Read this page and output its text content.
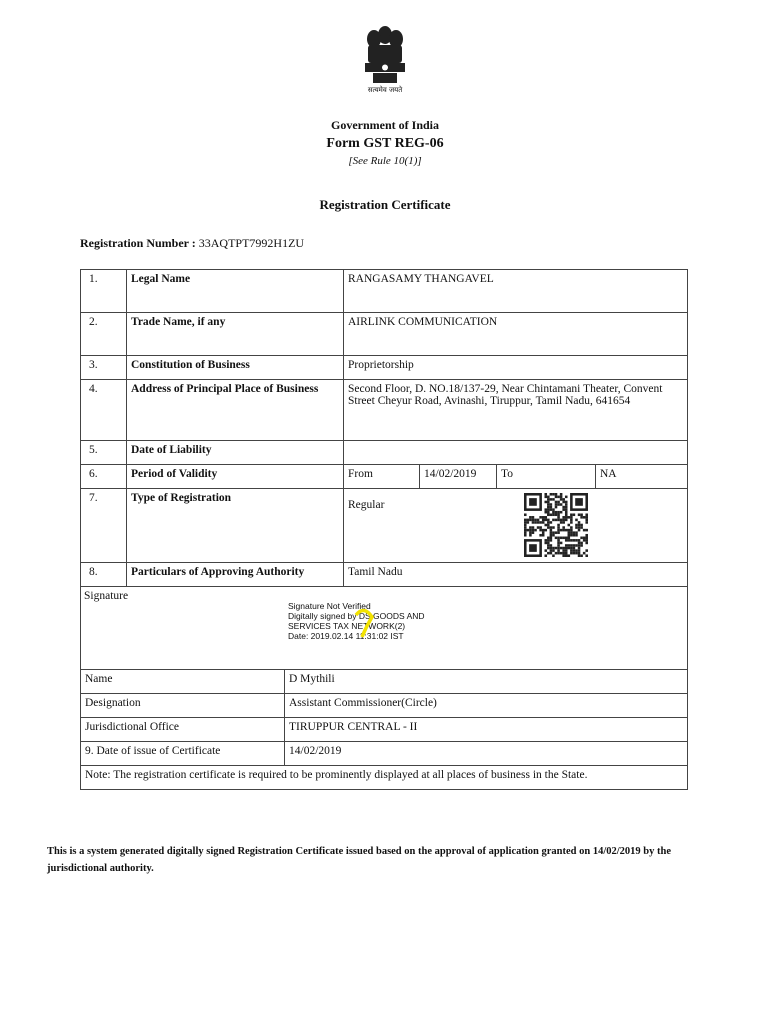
सत्यमेव जयते
Government of India
Form GST REG-06
[See Rule 10(1)]
Registration Certificate
Registration Number : 33AQTPT7992H1ZU
1.	Legal Name	RANGASAMY THANGAVEL			
2.	Trade Name, if any	AIRLINK COMMUNICATION			
3.	Constitution of Business	Proprietorship			
4.	Address of Principal Place of Business	Second Floor, D. NO.18/137-29, Near Chintamani Theater, Convent Street Cheyur Road, Avinashi, Tiruppur, Tamil Nadu, 641654			
5.	Date of Liability				
6.	Period of Validity	From	14/02/2019	To	NA
7.	Type of Registration	Regular			

8.	Particulars of Approving Authority	Tamil Nadu			
Signature
Signature Not Verified
Digitally signed by DS GOODS AND
SERVICES TAX NETWORK(2)
Date: 2019.02.14 11:31:02 IST					
Name	D Mythili
Designation	Assistant Commissioner(Circle)
Jurisdictional Office	TIRUPPUR CENTRAL - II
9. Date of issue of Certificate	14/02/2019
Note: The registration certificate is required to be prominently displayed at all places of business in the State.	
This is a system generated digitally signed Registration Certificate issued based on the approval of application granted on 14/02/2019 by the jurisdictional authority.
